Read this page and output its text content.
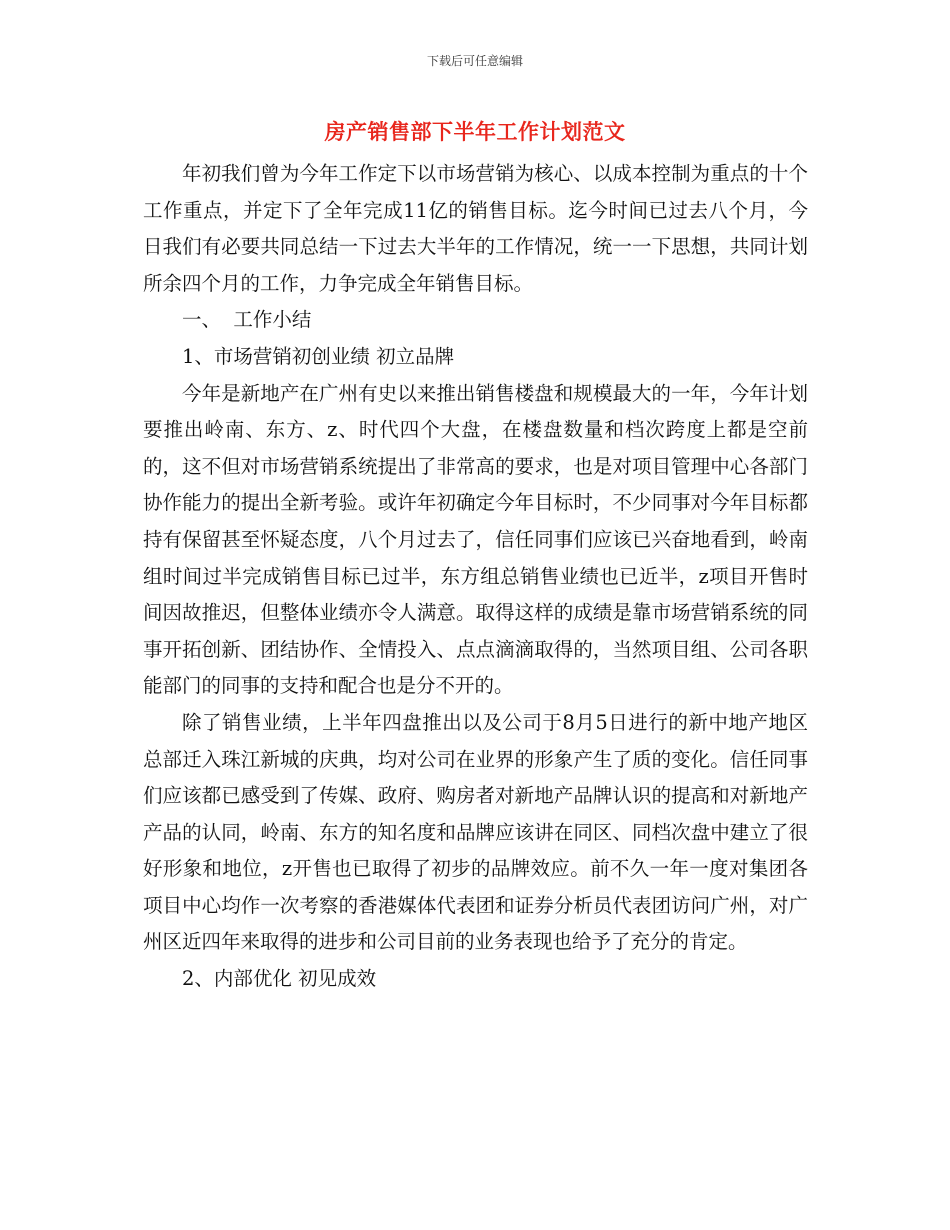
下载后可任意编辑
房产销售部下半年工作计划范文

年初我们曾为今年工作定下以市场营销为核心、以成本控制为重点的十个工作重点，并定下了全年完成11亿的销售目标。迄今时间已过去八个月，今日我们有必要共同总结一下过去大半年的工作情况，统一一下思想，共同计划所余四个月的工作，力争完成全年销售目标。

一、  工作小结

1、市场营销初创业绩 初立品牌

今年是新地产在广州有史以来推出销售楼盘和规模最大的一年，今年计划要推出岭南、东方、z、时代四个大盘，在楼盘数量和档次跨度上都是空前的，这不但对市场营销系统提出了非常高的要求，也是对项目管理中心各部门协作能力的提出全新考验。或许年初确定今年目标时，不少同事对今年目标都持有保留甚至怀疑态度，八个月过去了，信任同事们应该已兴奋地看到，岭南组时间过半完成销售目标已过半，东方组总销售业绩也已近半，z项目开售时间因故推迟，但整体业绩亦令人满意。取得这样的成绩是靠市场营销系统的同事开拓创新、团结协作、全情投入、点点滴滴取得的，当然项目组、公司各职能部门的同事的支持和配合也是分不开的。

除了销售业绩，上半年四盘推出以及公司于8月5日进行的新中地产地区总部迁入珠江新城的庆典，均对公司在业界的形象产生了质的变化。信任同事们应该都已感受到了传媒、政府、购房者对新地产品牌认识的提高和对新地产产品的认同，岭南、东方的知名度和品牌应该讲在同区、同档次盘中建立了很好形象和地位，z开售也已取得了初步的品牌效应。前不久一年一度对集团各项目中心均作一次考察的香港媒体代表团和证券分析员代表团访问广州，对广州区近四年来取得的进步和公司目前的业务表现也给予了充分的肯定。

2、内部优化 初见成效
